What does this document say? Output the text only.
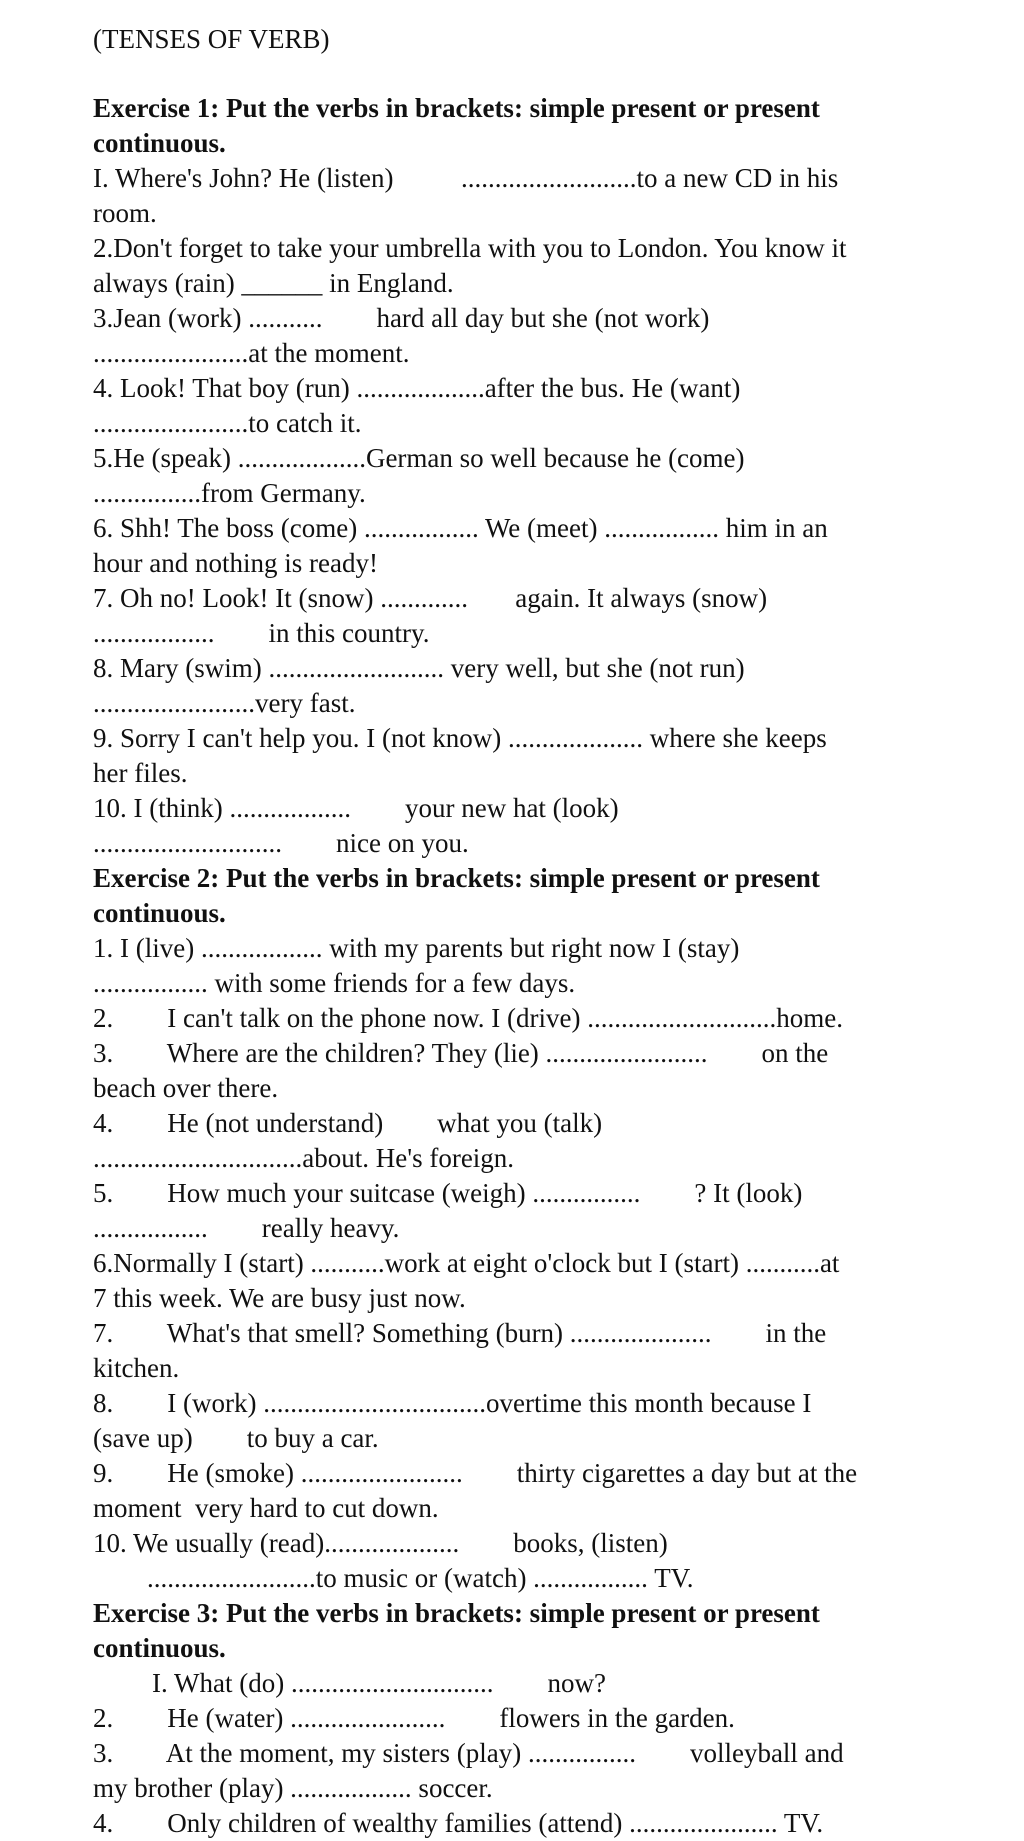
(TENSES OF VERB)
Exercise 1: Put the verbs in brackets: simple present or present
continuous.
I. Where's John? He (listen)          ..........................to a new CD in his
room.
2.Don't forget to take your umbrella with you to London. You know it
always (rain) ______ in England.
3.Jean (work) ...........        hard all day but she (not work)
.......................at the moment.
4. Look! That boy (run) ...................after the bus. He (want)
.......................to catch it.
5.He (speak) ...................German so well because he (come)
................from Germany.
6. Shh! The boss (come) ................. We (meet) ................. him in an
hour and nothing is ready!
7. Oh no! Look! It (snow) .............       again. It always (snow)
..................        in this country.
8. Mary (swim) .......................... very well, but she (not run)
........................very fast.
9. Sorry I can't help you. I (not know) .................... where she keeps
her files.
10. I (think) ..................        your new hat (look)
............................        nice on you.
Exercise 2: Put the verbs in brackets: simple present or present
continuous.
1. I (live) .................. with my parents but right now I (stay)
................. with some friends for a few days.
2.        I can't talk on the phone now. I (drive) ............................home.
3.        Where are the children? They (lie) ........................        on the
beach over there.
4.        He (not understand)        what you (talk)
...............................about. He's foreign.
5.        How much your suitcase (weigh) ................        ? It (look)
.................        really heavy.
6.Normally I (start) ...........work at eight o'clock but I (start) ...........at
7 this week. We are busy just now.
7.        What's that smell? Something (burn) .....................        in the
kitchen.
8.        I (work) .................................overtime this month because I
(save up)        to buy a car.
9.        He (smoke) ........................        thirty cigarettes a day but at the
moment  very hard to cut down.
10. We usually (read)....................        books, (listen)
.........................to music or (watch) ................. TV.
Exercise 3: Put the verbs in brackets: simple present or present
continuous.
I. What (do) ..............................        now?
2.        He (water) .......................        flowers in the garden.
3.        At the moment, my sisters (play) ................        volleyball and
my brother (play) .................. soccer.
4.        Only children of wealthy families (attend) ...................... TV.
